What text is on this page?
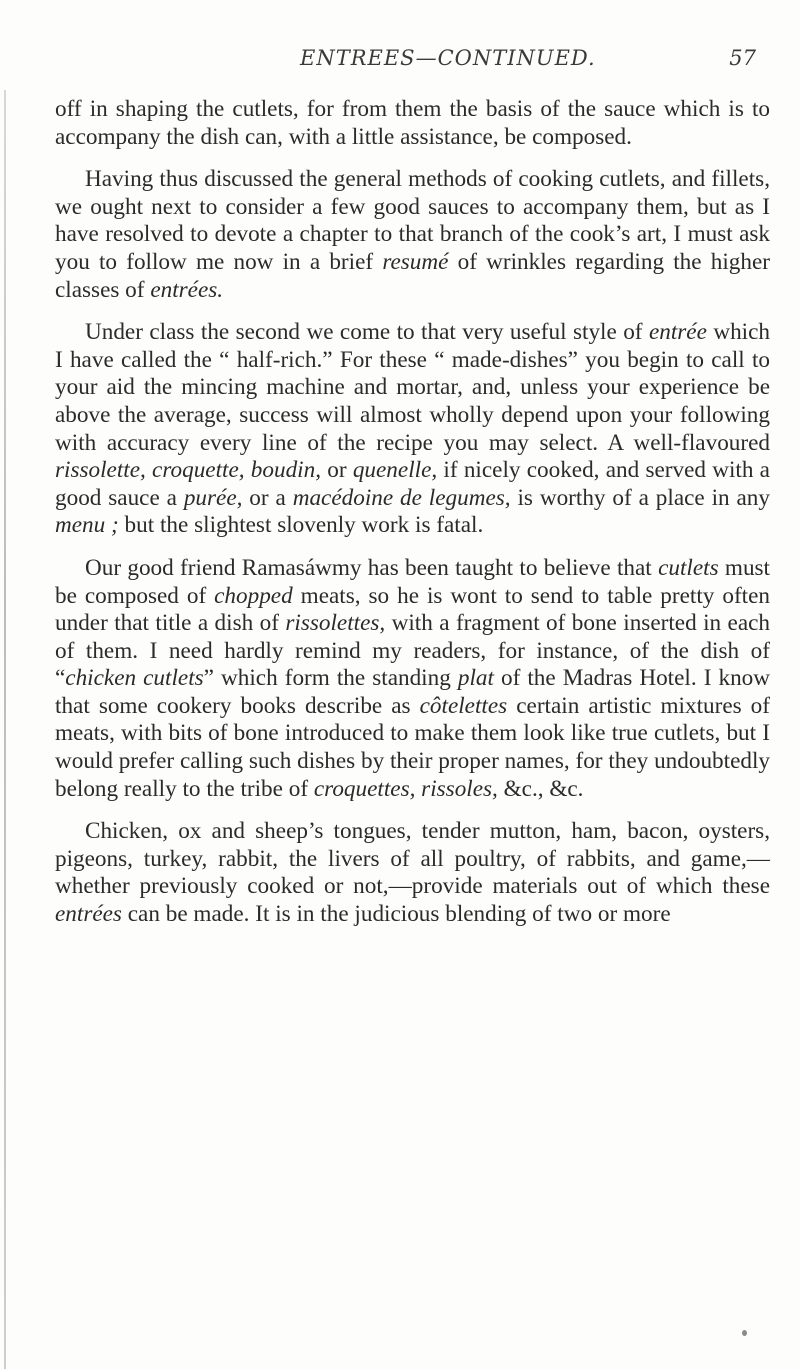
ENTREES—CONTINUED.	57

off in shaping the cutlets, for from them the basis of the sauce which is to accompany the dish can, with a little assistance, be composed.

Having thus discussed the general methods of cooking cutlets, and fillets, we ought next to consider a few good sauces to accompany them, but as I have resolved to devote a chapter to that branch of the cook’s art, I must ask you to follow me now in a brief resumé of wrinkles regarding the higher classes of entrées.

Under class the second we come to that very useful style of entrée which I have called the “ half-rich.” For these “ made-dishes” you begin to call to your aid the mincing machine and mortar, and, unless your experience be above the average, success will almost wholly depend upon your following with accuracy every line of the recipe you may select. A well-flavoured rissolette, croquette, boudin, or quenelle, if nicely cooked, and served with a good sauce a purée, or a macédoine de legumes, is worthy of a place in any menu ; but the slightest slovenly work is fatal.

Our good friend Ramasáwmy has been taught to believe that cutlets must be composed of chopped meats, so he is wont to send to table pretty often under that title a dish of rissolettes, with a fragment of bone inserted in each of them. I need hardly remind my readers, for instance, of the dish of “chicken cutlets” which form the standing plat of the Madras Hotel. I know that some cookery books describe as côtelettes certain artistic mixtures of meats, with bits of bone introduced to make them look like true cutlets, but I would prefer calling such dishes by their proper names, for they undoubtedly belong really to the tribe of croquettes, rissoles, &c., &c.

Chicken, ox and sheep’s tongues, tender mutton, ham, bacon, oysters, pigeons, turkey, rabbit, the livers of all poultry, of rabbits, and game,—whether previously cooked or not,—provide materials out of which these entrées can be made. It is in the judicious blending of two or more
